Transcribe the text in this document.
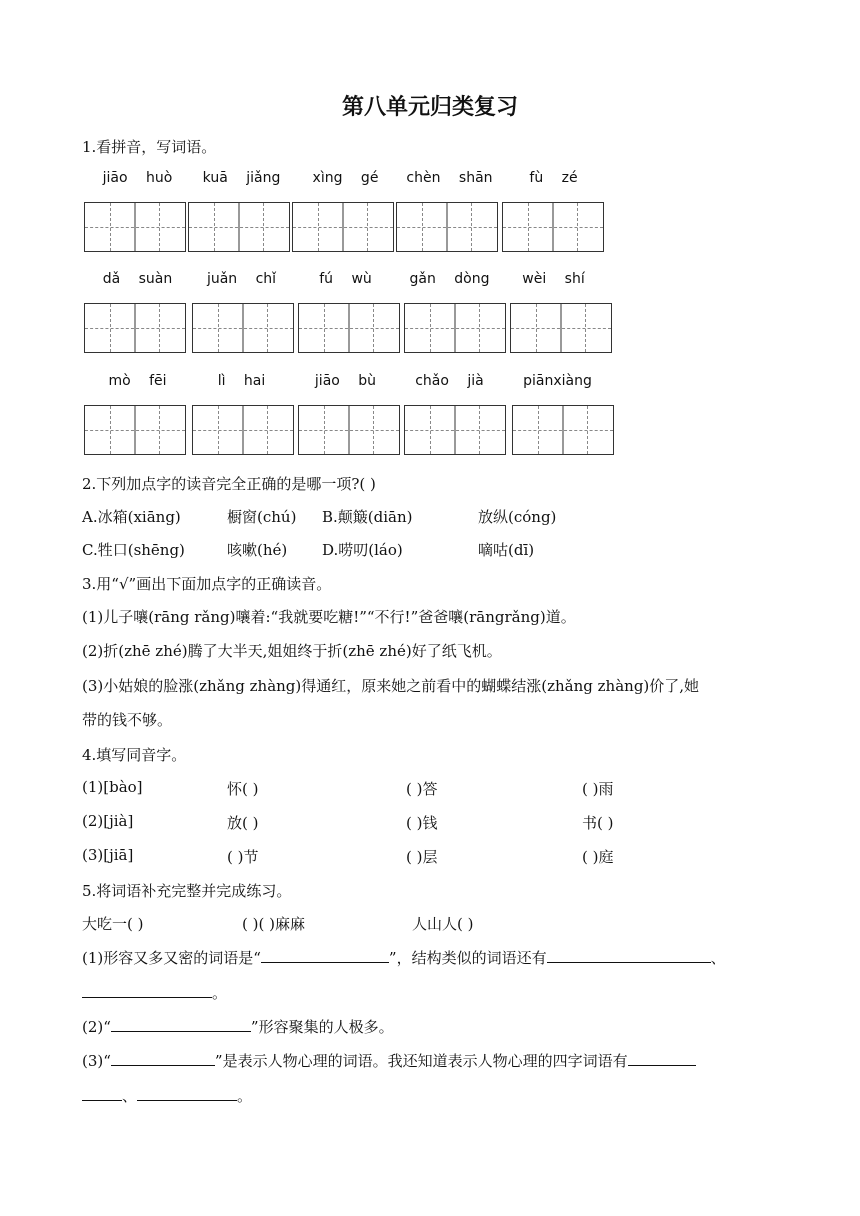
第八单元归类复习
1.看拼音，写词语。
jiāo huò	kuā jiǎng	xìng gé	chèn shān	fù zé
dǎ suàn	juǎn chǐ	fú wù	gǎn dòng	wèi shí
mò fēi	lì hai	jiāo bù	chǎo jià	piānxiàng
2.下列加点字的读音完全正确的是哪一项?( )
A.冰箱(xiāng)	橱窗(chú) B.颠簸(diān)	放纵(cóng)
C.牲口(shēng)	咳嗽(hé) D.唠叨(láo)	嘀咕(dī)
3.用“√”画出下面加点字的正确读音。
(1)儿子嚷(rāng rǎng)嚷着:“我就要吃糖!”“不行!”爸爸嚷(rāngrǎng)道。
(2)折(zhē zhé)腾了大半天,姐姐终于折(zhē zhé)好了纸飞机。
(3)小姑娘的脸涨(zhǎng zhàng)得通红，原来她之前看中的蝴蝶结涨(zhǎng zhàng)价了,她
带的钱不够。
4.填写同音字。
(1)[bào]	怀( )	( )答	( )雨
(2)[jià]	放( )	( )钱	书( )
(3)[jiā]	( )节	( )层	( )庭
5.将词语补充完整并完成练习。
大吃一( )	( )( )麻麻	人山人( )
(1)形容又多又密的词语是“	”，结构类似的词语还有	、
。
(2)“	”形容聚集的人极多。
(3)“	”是表示人物心理的词语。我还知道表示人物心理的四字词语有
、	。
